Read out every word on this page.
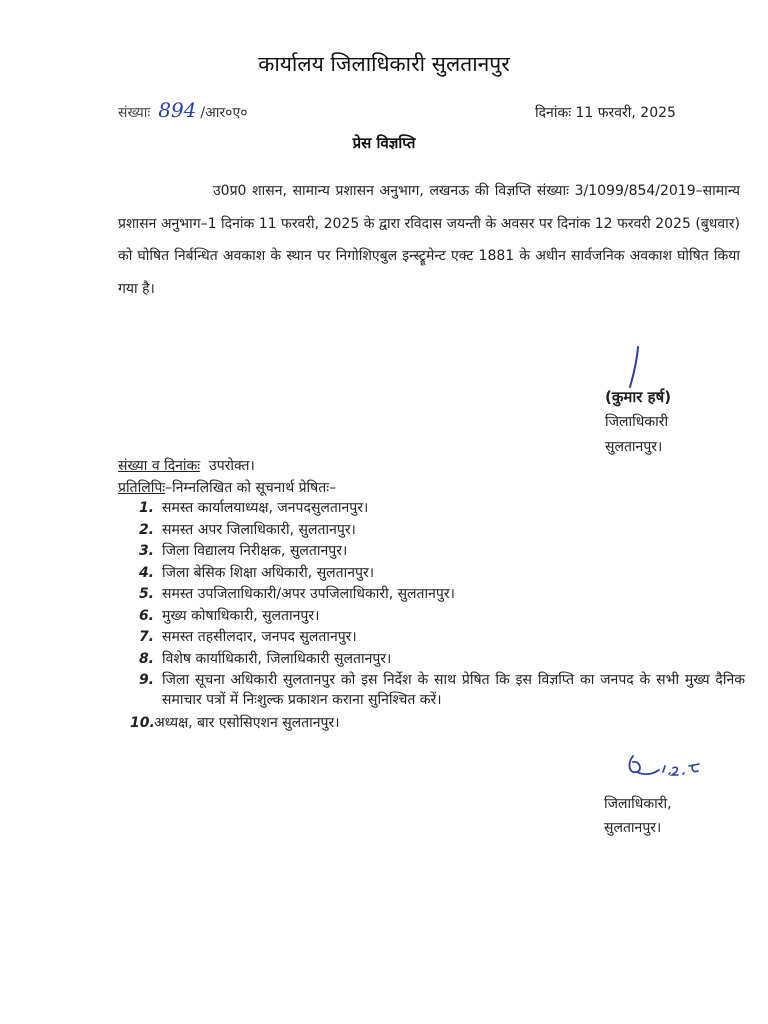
कार्यालय जिलाधिकारी सुलतानपुर
संख्याः 894 /आर०ए०	दिनांकः 11 फरवरी, 2025
प्रेस विज्ञप्ति
उ0प्र0 शासन, सामान्य प्रशासन अनुभाग, लखनऊ की विज्ञप्ति संख्याः 3/1099/854/2019–सामान्य प्रशासन अनुभाग–1 दिनांक 11 फरवरी, 2025 के द्वारा रविदास जयन्ती के अवसर पर दिनांक 12 फरवरी 2025 (बुधवार) को घोषित निर्बन्धित अवकाश के स्थान पर निगोशिएबुल इन्स्ट्रूमेन्ट एक्ट 1881 के अधीन सार्वजनिक अवकाश घोषित किया गया है।
(कुमार हर्ष)
जिलाधिकारी
सुलतानपुर।
संख्या व दिनांकः उपरोक्त।
प्रतिलिपिः–निम्नलिखित को सूचनार्थ प्रेषितः–
1. समस्त कार्यालयाध्यक्ष, जनपदसुलतानपुर।
2. समस्त अपर जिलाधिकारी, सुलतानपुर।
3. जिला विद्यालय निरीक्षक, सुलतानपुर।
4. जिला बेसिक शिक्षा अधिकारी, सुलतानपुर।
5. समस्त उपजिलाधिकारी/अपर उपजिलाधिकारी, सुलतानपुर।
6. मुख्य कोषाधिकारी, सुलतानपुर।
7. समस्त तहसीलदार, जनपद सुलतानपुर।
8. विशेष कार्याधिकारी, जिलाधिकारी सुलतानपुर।
9. जिला सूचना अधिकारी सुलतानपुर को इस निर्देश के साथ प्रेषित कि इस विज्ञप्ति का जनपद के सभी मुख्य दैनिक समाचार पत्रों में निःशुल्क प्रकाशन कराना सुनिश्चित करें।
10. अध्यक्ष, बार एसोसिएशन सुलतानपुर।
जिलाधिकारी,
सुलतानपुर।
